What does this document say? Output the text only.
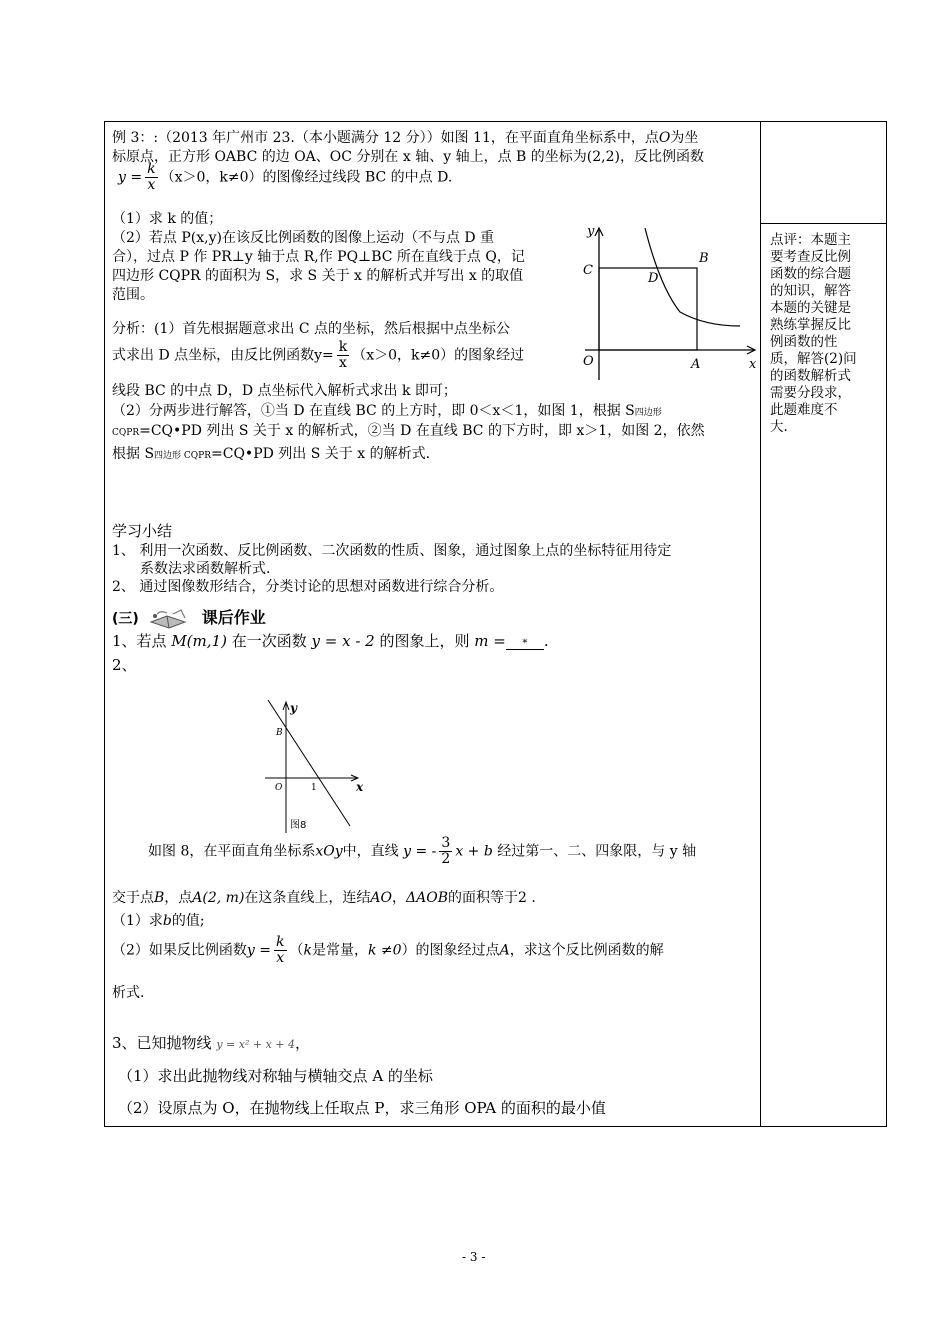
例 3：:（2013 年广州市 23.（本小题满分 12 分））如图 11，在平面直角坐标系中，点O为坐
标原点，正方形 OABC 的边 OA、OC 分别在 x 轴、y 轴上，点 B 的坐标为(2,2)，反比例函数
$y = \frac{k}{x} (x>0$，k≠0）的图像经过线段 BC 的中点 D.
（1）求 k 的值；
（2）若点 P(x,y)在该反比例函数的图像上运动（不与点 D 重
合），过点 P 作 PR⊥y 轴于点 R,作 PQ⊥BC 所在直线于点 Q，记
四边形 CQPR 的面积为 S，求 S 关于 x 的解析式并写出 x 的取值
范围。
分析：(1）首先根据题意求出 C 点的坐标，然后根据中点坐标公
式求出 D 点坐标，由反比例函数$y= \frac{k}{x} (x>0$，k≠0）的图象经过
线段 BC 的中点 D，D 点坐标代入解析式求出 k 即可；
（2）分两步进行解答，①当 D 在直线 BC 的上方时，即 0＜x＜1，如图 1，根据 S四边形
CQPR=CQ•PD 列出 S 关于 x 的解析式，②当 D 在直线 BC 的下方时，即 x＞1，如图 2，依然
根据 S四边形 CQPR=CQ•PD 列出 S 关于 x 的解析式.
y
C
B
D
O	A	x
点评：本题主
要考查反比例
函数的综合题
的知识，解答
本题的关键是
熟练掌握反比
例函数的性
质，解答(2)问
的函数解析式
需要分段求，
此题难度不
大.
学习小结
1、 利用一次函数、反比例函数、二次函数的性质、图象，通过图象上点的坐标特征用待定
系数法求函数解析式.
2、 通过图像数形结合，分类讨论的思想对函数进行综合分析。
(三)	课后作业
1、若点 M(m,1) 在一次函数 y = x - 2 的图象上，则 m = * .
2、
y
B
O	1	x
图8
如图 8，在平面直角坐标系xOy中，直线 y = - $\frac{3}{2}$ x + b 经过第一、二、四象限，与 y 轴
交于点B，点A(2, m)在这条直线上，连结AO，ΔAOB的面积等于2 .
（1）求b的值;
（2）如果反比例函数$y = \frac{k}{x} (k$是常量，k ≠0）的图象经过点A，求这个反比例函数的解
析式.
3、已知抛物线 y = x² + x + 4，
（1）求出此抛物线对称轴与横轴交点 A 的坐标
（2）设原点为 O，在抛物线上任取点 P，求三角形 OPA 的面积的最小值
- 3 -
